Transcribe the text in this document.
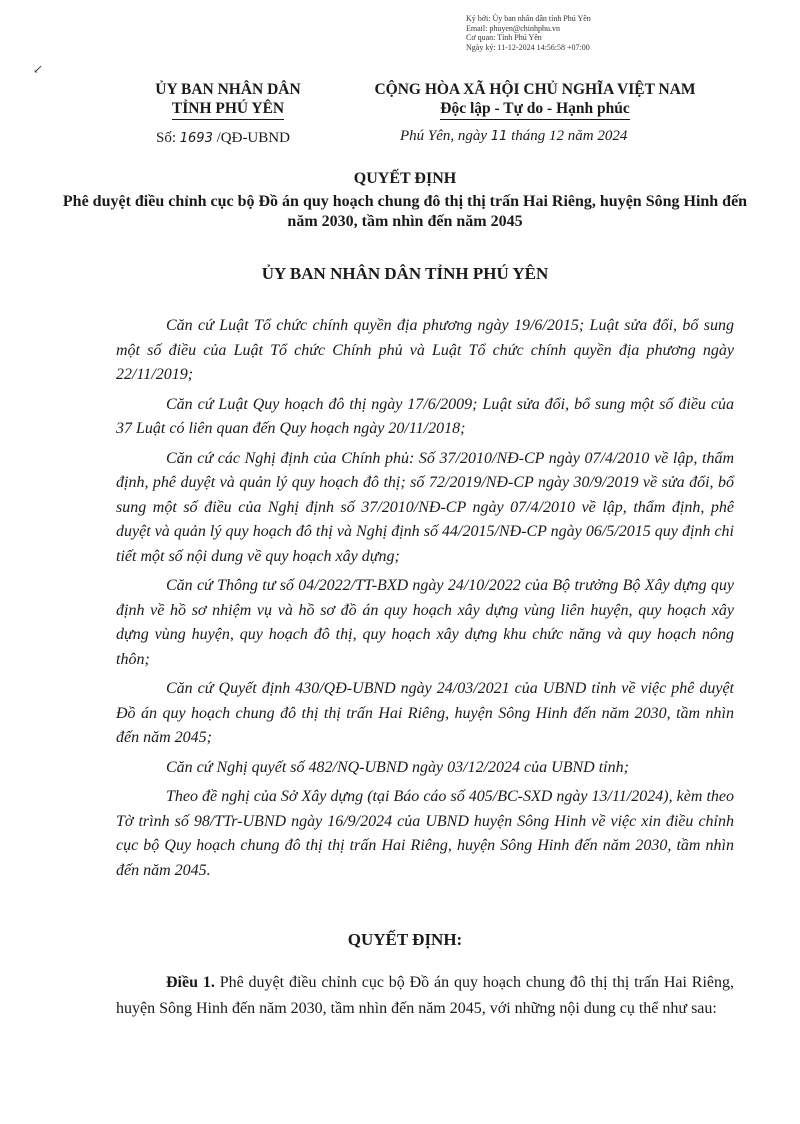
Ký bởi: Ủy ban nhân dân tỉnh Phú Yên
Email: phuyen@chinhphu.vn
Cơ quan: Tỉnh Phú Yên
Ngày ký: 11-12-2024 14:56:58 +07:00
↙
ỦY BAN NHÂN DÂN
TỈNH PHÚ YÊN
CỘNG HÒA XÃ HỘI CHỦ NGHĨA VIỆT NAM
Độc lập - Tự do - Hạnh phúc
Số: 1693 /QĐ-UBND	Phú Yên, ngày 11 tháng 12 năm 2024
QUYẾT ĐỊNH
Phê duyệt điều chỉnh cục bộ Đồ án quy hoạch chung đô thị thị trấn Hai Riêng, huyện Sông Hinh đến năm 2030, tầm nhìn đến năm 2045
ỦY BAN NHÂN DÂN TỈNH PHÚ YÊN

Căn cứ Luật Tổ chức chính quyền địa phương ngày 19/6/2015; Luật sửa đổi, bổ sung một số điều của Luật Tổ chức Chính phủ và Luật Tổ chức chính quyền địa phương ngày 22/11/2019;

Căn cứ Luật Quy hoạch đô thị ngày 17/6/2009; Luật sửa đổi, bổ sung một số điều của 37 Luật có liên quan đến Quy hoạch ngày 20/11/2018;

Căn cứ các Nghị định của Chính phủ: Số 37/2010/NĐ-CP ngày 07/4/2010 về lập, thẩm định, phê duyệt và quản lý quy hoạch đô thị; số 72/2019/NĐ-CP ngày 30/9/2019 về sửa đổi, bổ sung một số điều của Nghị định số 37/2010/NĐ-CP ngày 07/4/2010 về lập, thẩm định, phê duyệt và quản lý quy hoạch đô thị và Nghị định số 44/2015/NĐ-CP ngày 06/5/2015 quy định chi tiết một số nội dung về quy hoạch xây dựng;

Căn cứ Thông tư số 04/2022/TT-BXD ngày 24/10/2022 của Bộ trưởng Bộ Xây dựng quy định về hồ sơ nhiệm vụ và hồ sơ đồ án quy hoạch xây dựng vùng liên huyện, quy hoạch xây dựng vùng huyện, quy hoạch đô thị, quy hoạch xây dựng khu chức năng và quy hoạch nông thôn;

Căn cứ Quyết định 430/QĐ-UBND ngày 24/03/2021 của UBND tỉnh về việc phê duyệt Đồ án quy hoạch chung đô thị thị trấn Hai Riêng, huyện Sông Hinh đến năm 2030, tầm nhìn đến năm 2045;

Căn cứ Nghị quyết số 482/NQ-UBND ngày 03/12/2024 của UBND tỉnh;

Theo đề nghị của Sở Xây dựng (tại Báo cáo số 405/BC-SXD ngày 13/11/2024), kèm theo Tờ trình số 98/TTr-UBND ngày 16/9/2024 của UBND huyện Sông Hinh về việc xin điều chỉnh cục bộ Quy hoạch chung đô thị thị trấn Hai Riêng, huyện Sông Hinh đến năm 2030, tầm nhìn đến năm 2045.

QUYẾT ĐỊNH:

Điều 1. Phê duyệt điều chỉnh cục bộ Đồ án quy hoạch chung đô thị thị trấn Hai Riêng, huyện Sông Hinh đến năm 2030, tầm nhìn đến năm 2045, với những nội dung cụ thể như sau:
